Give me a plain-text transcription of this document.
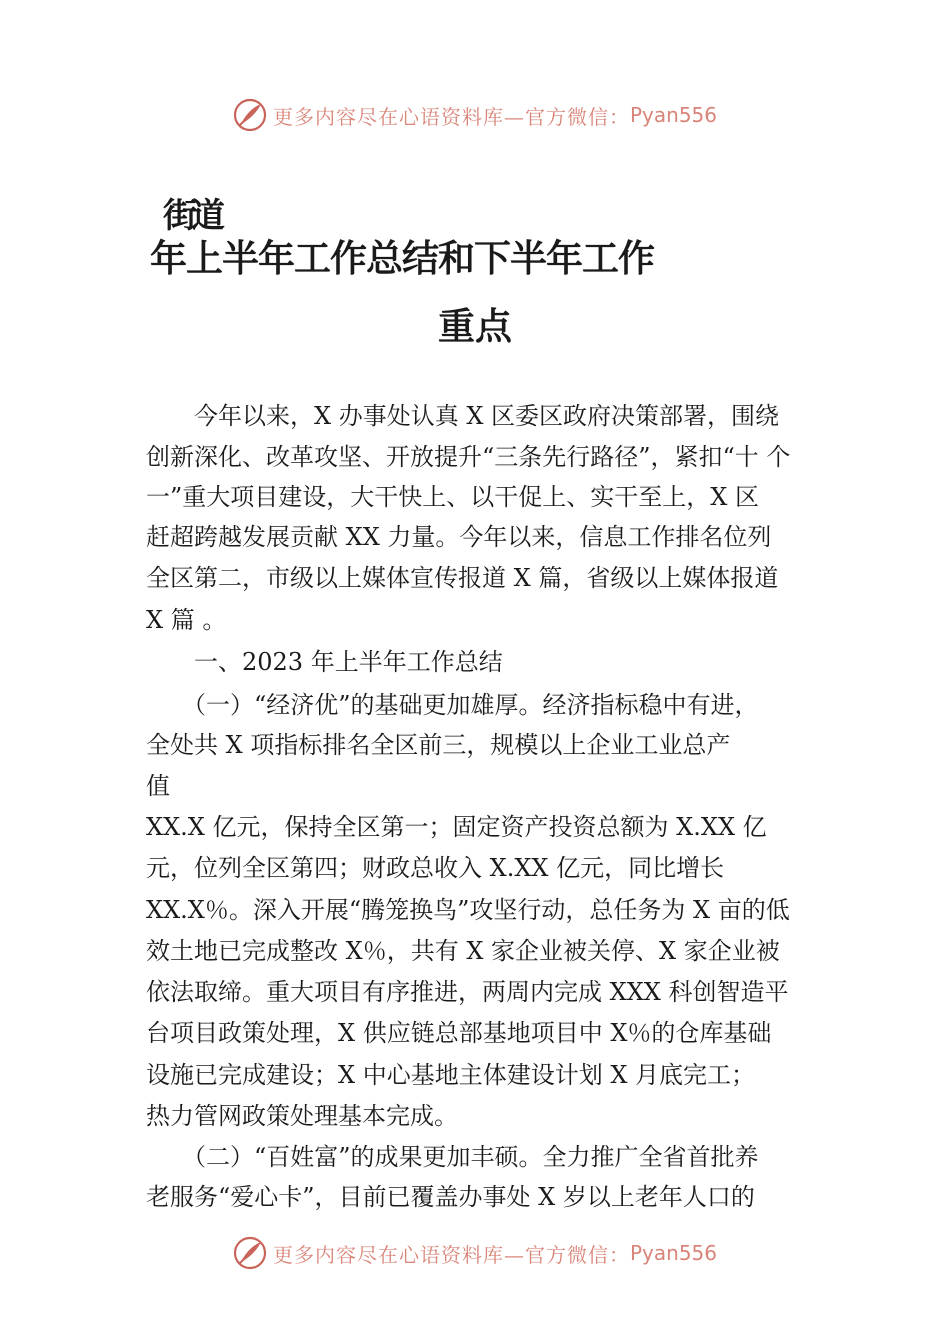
更多内容尽在心语资料库—官方微信： Pyan556
街道
年上半年工作总结和下半年工作
重点
　　今年以来，X 办事处认真 X 区委区政府决策部署，围绕
创新深化、改革攻坚、开放提升“三条先行路径”，紧扣“十 个
一”重大项目建设，大干快上、以干促上、实干至上，X 区
赶超跨越发展贡献 XX 力量。今年以来，信息工作排名位列
全区第二，市级以上媒体宣传报道 X 篇，省级以上媒体报道
X 篇 。
　　一、2023 年上半年工作总结
　　（一）“经济优”的基础更加雄厚。经济指标稳中有进，
全处共 X 项指标排名全区前三，规模以上企业工业总产
值
XX.X 亿元，保持全区第一；固定资产投资总额为 X.XX 亿
元，位列全区第四；财政总收入 X.XX 亿元，同比增长
XX.X％。深入开展“腾笼换鸟”攻坚行动，总任务为 X 亩的低
效土地已完成整改 X％，共有 X 家企业被关停、X 家企业被
依法取缔。重大项目有序推进，两周内完成 XXX 科创智造平
台项目政策处理，X 供应链总部基地项目中 X％的仓库基础
设施已完成建设；X 中心基地主体建设计划 X 月底完工；
热力管网政策处理基本完成。
　　（二）“百姓富”的成果更加丰硕。全力推广全省首批养
老服务“爱心卡”，目前已覆盖办事处 X 岁以上老年人口的
更多内容尽在心语资料库—官方微信： Pyan556
